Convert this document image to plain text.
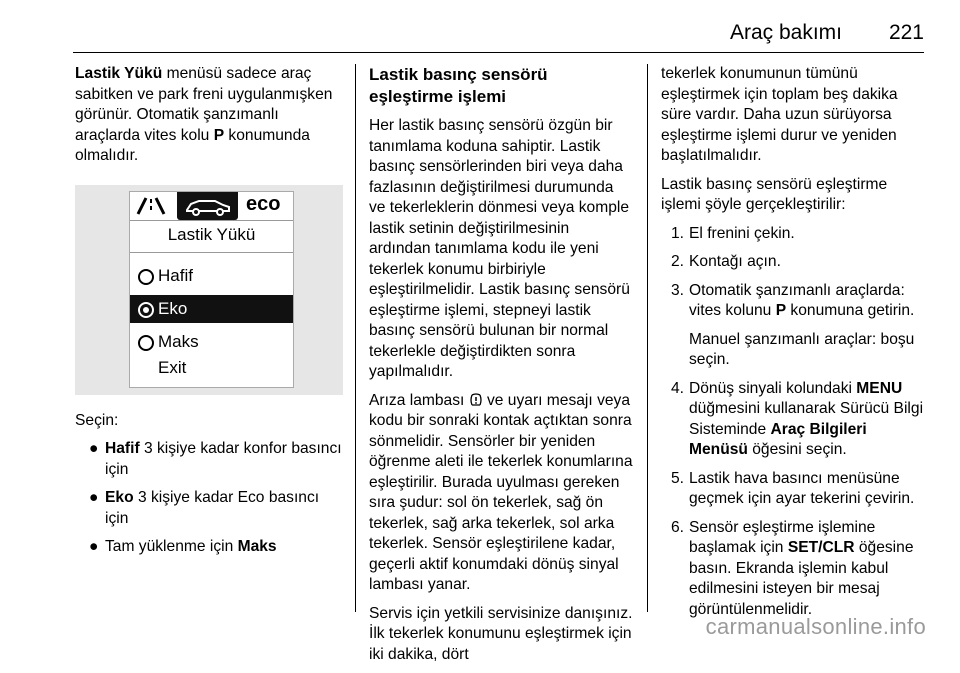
Araç bakımı 221

Lastik Yükü menüsü sadece araç sabitken ve park freni uygulanmışken görünür. Otomatik şanzımanlı araçlarda vites kolu P konumunda olmalıdır.

eco
Lastik Yükü
Hafif
Eko
Maks
Exit

Seçin:

● Hafif 3 kişiye kadar konfor basıncı için
● Eko 3 kişiye kadar Eco basıncı için
● Tam yüklenme için Maks
Lastik basınç sensörü eşleştirme işlemi

Her lastik basınç sensörü özgün bir tanımlama koduna sahiptir. Lastik basınç sensörlerinden biri veya daha fazlasının değiştirilmesi durumunda ve tekerleklerin dönmesi veya komple lastik setinin değiştirilmesinin ardından tanımlama kodu ile yeni tekerlek konumu birbiriyle eşleştirilmelidir. Lastik basınç sensörü eşleştirme işlemi, stepneyi lastik basınç sensörü bulunan bir normal tekerlekle değiştirdikten sonra yapılmalıdır.

Arıza lambası  ve uyarı mesajı veya kodu bir sonraki kontak açtıktan sonra sönmelidir. Sensörler bir yeniden öğrenme aleti ile tekerlek konumlarına eşleştirilir. Burada uyulması gereken sıra şudur: sol ön tekerlek, sağ ön tekerlek, sağ arka tekerlek, sol arka tekerlek. Sensör eşleştirilene kadar, geçerli aktif konumdaki dönüş sinyal lambası yanar.

Servis için yetkili servisinize danışınız. İlk tekerlek konumunu eşleştirmek için iki dakika, dört

tekerlek konumunun tümünü eşleştirmek için toplam beş dakika süre vardır. Daha uzun sürüyorsa eşleştirme işlemi durur ve yeniden başlatılmalıdır.

Lastik basınç sensörü eşleştirme işlemi şöyle gerçekleştirilir:

1. El frenini çekin.
2. Kontağı açın.
3. Otomatik şanzımanlı araçlarda: vites kolunu P konumuna getirin.

Manuel şanzımanlı araçlar: boşu seçin.

4. Dönüş sinyali kolundaki MENU düğmesini kullanarak Sürücü Bilgi Sisteminde Araç Bilgileri Menüsü öğesini seçin.
5. Lastik hava basıncı menüsüne geçmek için ayar tekerini çevirin.
6. Sensör eşleştirme işlemine başlamak için SET/CLR öğesine basın. Ekranda işlemin kabul edilmesini isteyen bir mesaj görüntülenmelidir.
carmanualsonline.info
